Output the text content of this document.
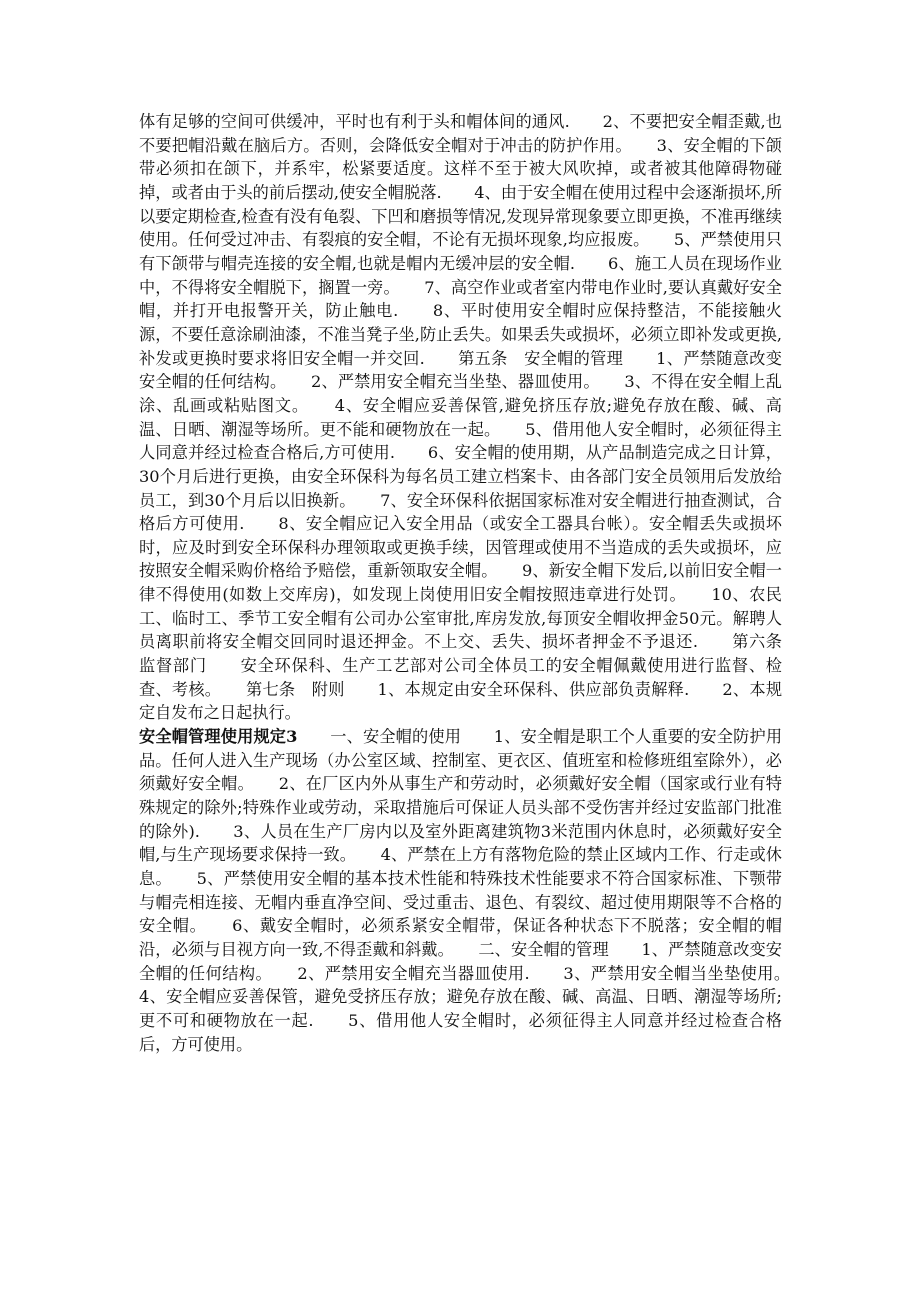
体有足够的空间可供缓冲，平时也有利于头和帽体间的通风.　　2、不要把安全帽歪戴,也不要把帽沿戴在脑后方。否则，会降低安全帽对于冲击的防护作用。　　3、安全帽的下颌带必须扣在颌下，并系牢，松紧要适度。这样不至于被大风吹掉，或者被其他障碍物碰掉，或者由于头的前后摆动,使安全帽脱落.　　4、由于安全帽在使用过程中会逐渐损坏,所以要定期检查,检查有没有龟裂、下凹和磨损等情况,发现异常现象要立即更换，不准再继续使用。任何受过冲击、有裂痕的安全帽，不论有无损坏现象,均应报废。　　5、严禁使用只有下颌带与帽壳连接的安全帽,也就是帽内无缓冲层的安全帽.　　6、施工人员在现场作业中，不得将安全帽脱下，搁置一旁。　　7、高空作业或者室内带电作业时,要认真戴好安全帽，并打开电报警开关，防止触电.　　8、平时使用安全帽时应保持整洁，不能接触火源，不要任意涂刷油漆，不准当凳子坐,防止丢失。如果丢失或损坏，必须立即补发或更换,补发或更换时要求将旧安全帽一并交回.　　第五条　安全帽的管理　　1、严禁随意改变安全帽的任何结构。　　2、严禁用安全帽充当坐垫、器皿使用。　　3、不得在安全帽上乱涂、乱画或粘贴图文。　　4、安全帽应妥善保管,避免挤压存放;避免存放在酸、碱、高温、日晒、潮湿等场所。更不能和硬物放在一起。　　5、借用他人安全帽时，必须征得主人同意并经过检查合格后,方可使用.　　6、安全帽的使用期，从产品制造完成之日计算，30个月后进行更换，由安全环保科为每名员工建立档案卡、由各部门安全员领用后发放给员工，到30个月后以旧换新。　　7、安全环保科依据国家标准对安全帽进行抽查测试，合格后方可使用.　　8、安全帽应记入安全用品（或安全工器具台帐）。安全帽丢失或损坏时，应及时到安全环保科办理领取或更换手续，因管理或使用不当造成的丢失或损坏，应按照安全帽采购价格给予赔偿，重新领取安全帽。　　9、新安全帽下发后,以前旧安全帽一律不得使用(如数上交库房)，如发现上岗使用旧安全帽按照违章进行处罚。　　10、农民工、临时工、季节工安全帽有公司办公室审批,库房发放,每顶安全帽收押金50元。解聘人员离职前将安全帽交回同时退还押金。不上交、丢失、损坏者押金不予退还.　　第六条　监督部门　　安全环保科、生产工艺部对公司全体员工的安全帽佩戴使用进行监督、检查、考核。　　第七条　附则　　1、本规定由安全环保科、供应部负责解释.　　2、本规定自发布之日起执行。

安全帽管理使用规定3　　一、安全帽的使用　　1、安全帽是职工个人重要的安全防护用品。任何人进入生产现场（办公室区域、控制室、更衣区、值班室和检修班组室除外），必须戴好安全帽。　　2、在厂区内外从事生产和劳动时，必须戴好安全帽（国家或行业有特殊规定的除外;特殊作业或劳动，采取措施后可保证人员头部不受伤害并经过安监部门批准的除外).　　3、人员在生产厂房内以及室外距离建筑物3米范围内休息时，必须戴好安全帽,与生产现场要求保持一致。　　4、严禁在上方有落物危险的禁止区域内工作、行走或休息。　　5、严禁使用安全帽的基本技术性能和特殊技术性能要求不符合国家标准、下颚带与帽壳相连接、无帽内垂直净空间、受过重击、退色、有裂纹、超过使用期限等不合格的安全帽。　　6、戴安全帽时，必须系紧安全帽带，保证各种状态下不脱落；安全帽的帽沿，必须与目视方向一致,不得歪戴和斜戴。　　二、安全帽的管理　　1、严禁随意改变安全帽的任何结构。　　2、严禁用安全帽充当器皿使用.　　3、严禁用安全帽当坐垫使用。　　4、安全帽应妥善保管，避免受挤压存放；避免存放在酸、碱、高温、日晒、潮湿等场所;更不可和硬物放在一起.　　5、借用他人安全帽时，必须征得主人同意并经过检查合格后，方可使用。
